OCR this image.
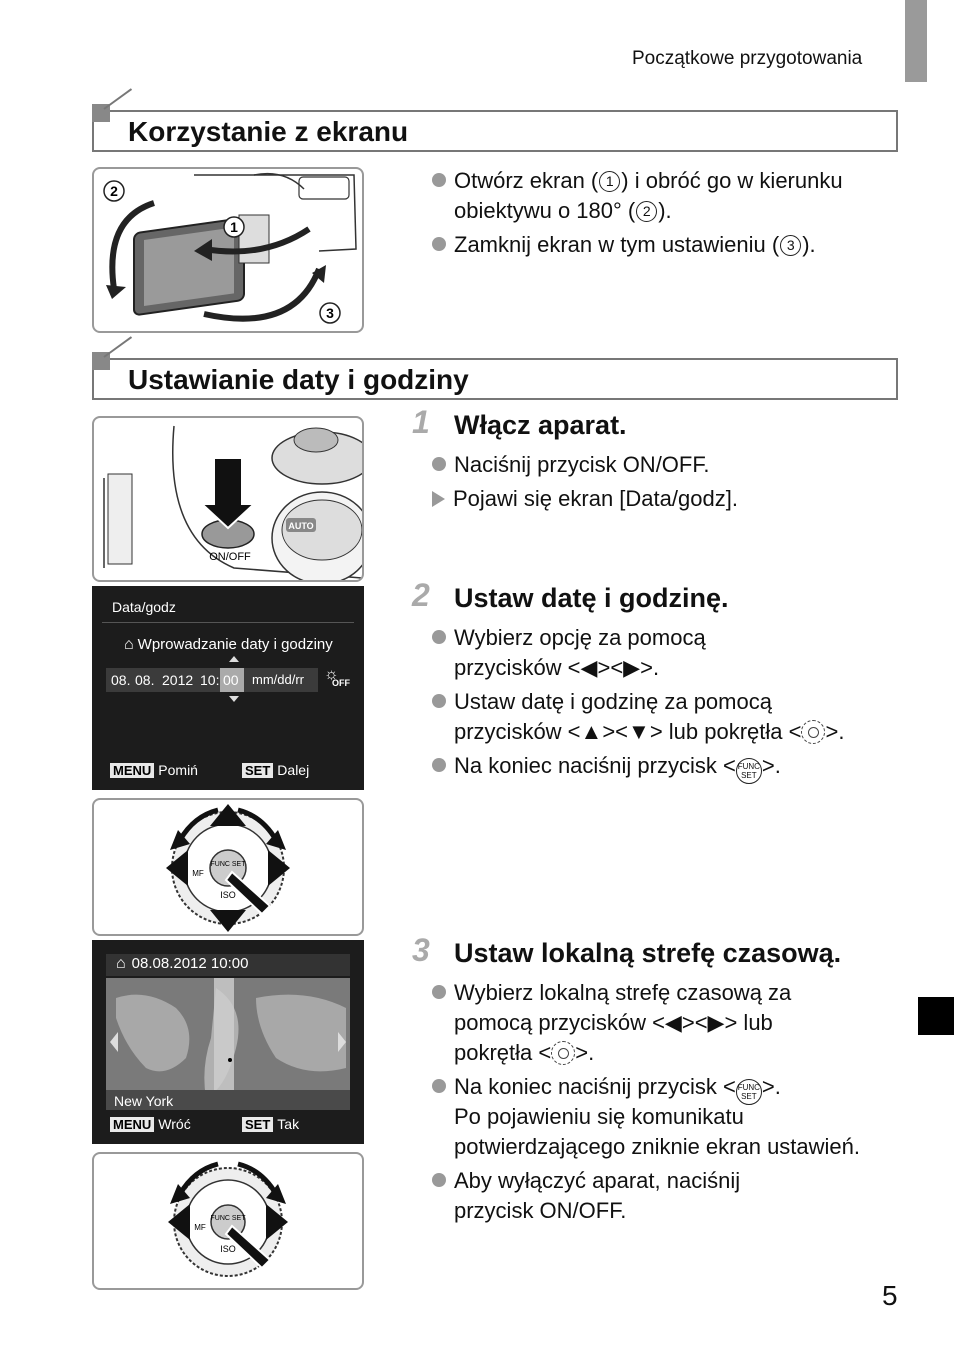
Początkowe przygotowania
Korzystanie z ekranu
2
1
3
Otwórz ekran ( 1 ) i obróć go w kierunku
obiektywu o 180° ( 2 ).
Zamknij ekran w tym ustawieniu ( 3 ).
Ustawianie daty i godziny
AUTO
ON/OFF
Data/godz
⌂ Wprowadzanie daty i godziny
08. 08. 2012 10: 00 mm/dd/rr ☼
OFF
MENU Pomiń	SET Dalej
FUNC SET
ISO
MF
⌂ 08.08.2012 10:00
New York
MENU Wróć	SET Tak
FUNC SET
ISO
MF
1 Włącz aparat.
Naciśnij przycisk ON/OFF.
Pojawi się ekran [Data/godz].
2 Ustaw datę i godzinę.
Wybierz opcję za pomocą
przycisków <◀><▶>.
Ustaw datę i godzinę za pomocą
przycisków <▲><▼> lub pokrętła < >.
Na koniec naciśnij przycisk < FUNC SET >.
3 Ustaw lokalną strefę czasową.
Wybierz lokalną strefę czasową za
pomocą przycisków <◀><▶> lub
pokrętła < >.
Na koniec naciśnij przycisk < FUNC SET >.
Po pojawieniu się komunikatu
potwierdzającego zniknie ekran ustawień.
Aby wyłączyć aparat, naciśnij
przycisk ON/OFF.
5
